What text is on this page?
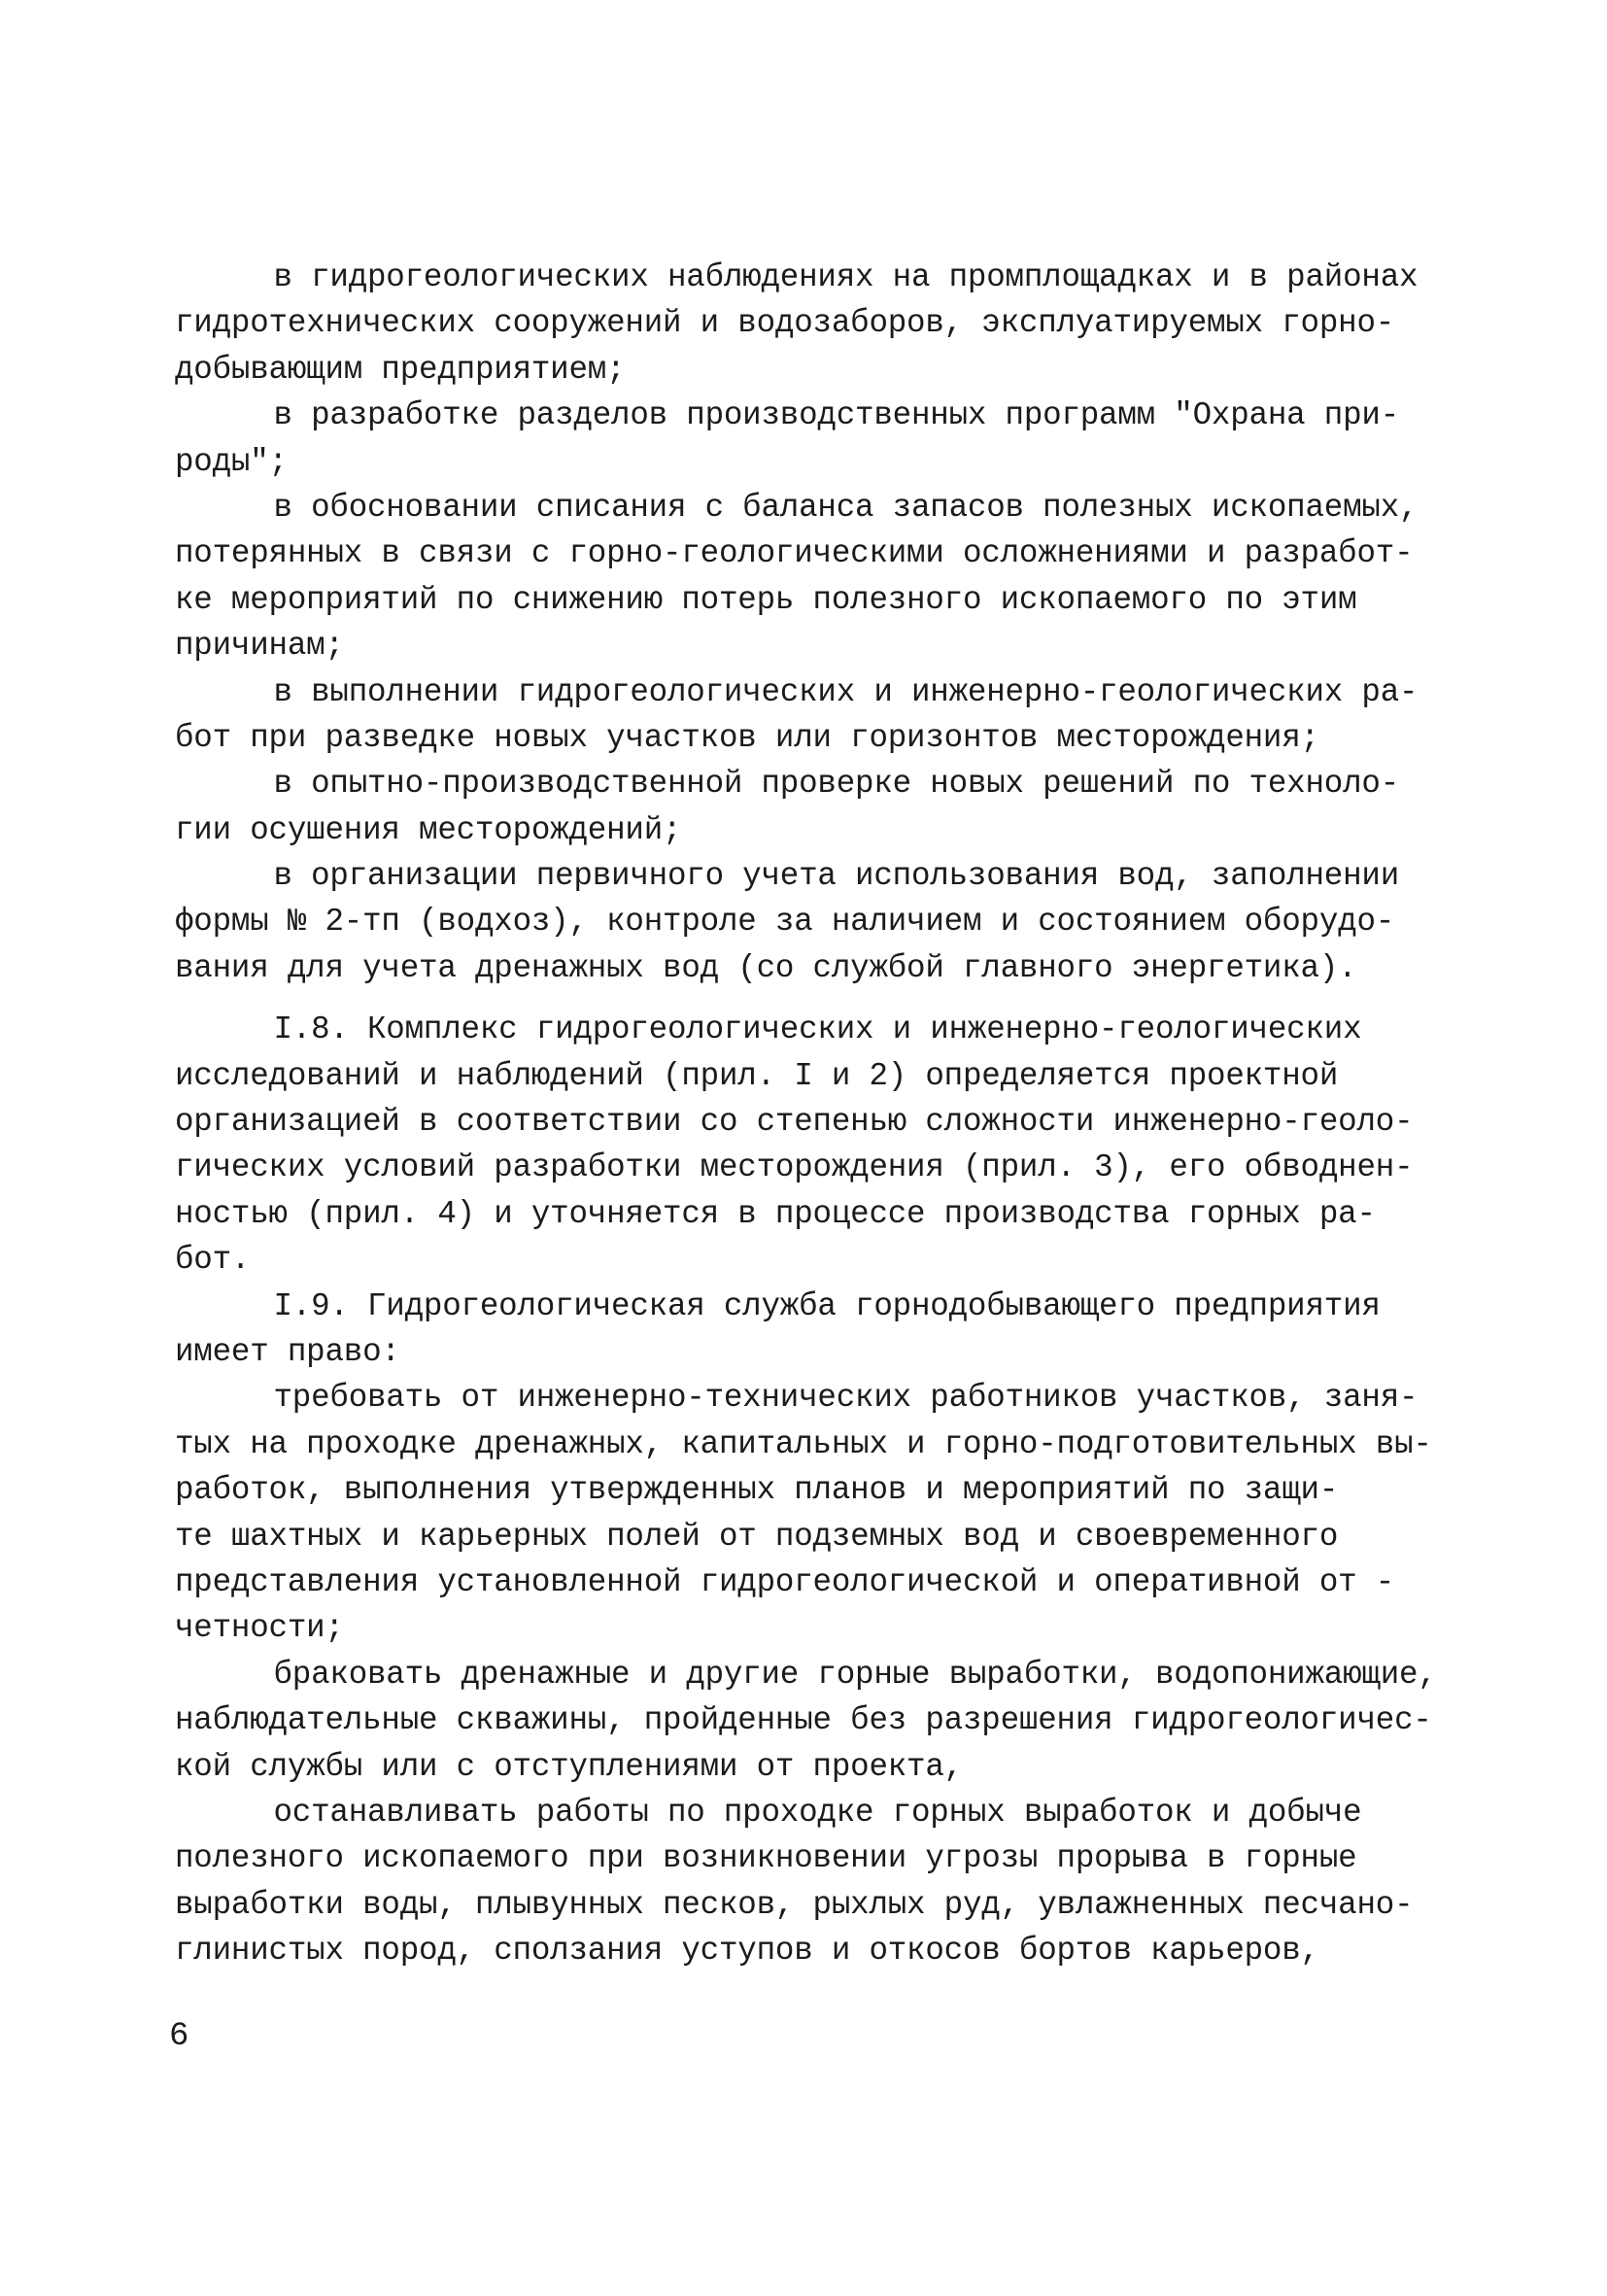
в гидрогеологических наблюдениях на промплощадках и в районах
гидротехнических сооружений и водозаборов, эксплуатируемых горно-
добывающим предприятием;
в разработке разделов производственных программ "Охрана при-
роды";
в обосновании списания с баланса запасов полезных ископаемых,
потерянных в связи с горно-геологическими осложнениями и разработ-
ке мероприятий по снижению потерь полезного ископаемого по этим
причинам;
в выполнении гидрогеологических и инженерно-геологических ра-
бот при разведке новых участков или горизонтов месторождения;
в опытно-производственной проверке новых решений по техноло-
гии осушения месторождений;
в организации первичного учета использования вод, заполнении
формы № 2-тп (водхоз), контроле за наличием и состоянием оборудо-
вания для учета дренажных вод (со службой главного энергетика).
I.8. Комплекс гидрогеологических и инженерно-геологических
исследований и наблюдений (прил. I и 2) определяется проектной
организацией в соответствии со степенью сложности инженерно-геоло-
гических условий разработки месторождения (прил. 3), его обводнен-
ностью (прил. 4) и уточняется в процессе производства горных ра-
бот.
I.9. Гидрогеологическая служба горнодобывающего предприятия
имеет право:
требовать от инженерно-технических работников участков, заня-
тых на проходке дренажных, капитальных и горно-подготовительных вы-
работок, выполнения утвержденных планов и мероприятий по защи-
те шахтных и карьерных полей от подземных вод и своевременного
представления установленной гидрогеологической и оперативной от -
четности;
браковать дренажные и другие горные выработки, водопонижающие,
наблюдательные скважины, пройденные без разрешения гидрогеологичес-
кой службы или с отступлениями от проекта,
останавливать работы по проходке горных выработок и добыче
полезного ископаемого при возникновении угрозы прорыва в горные
выработки воды, плывунных песков, рыхлых руд, увлажненных песчано-
глинистых пород, сползания уступов и откосов бортов карьеров,
6
